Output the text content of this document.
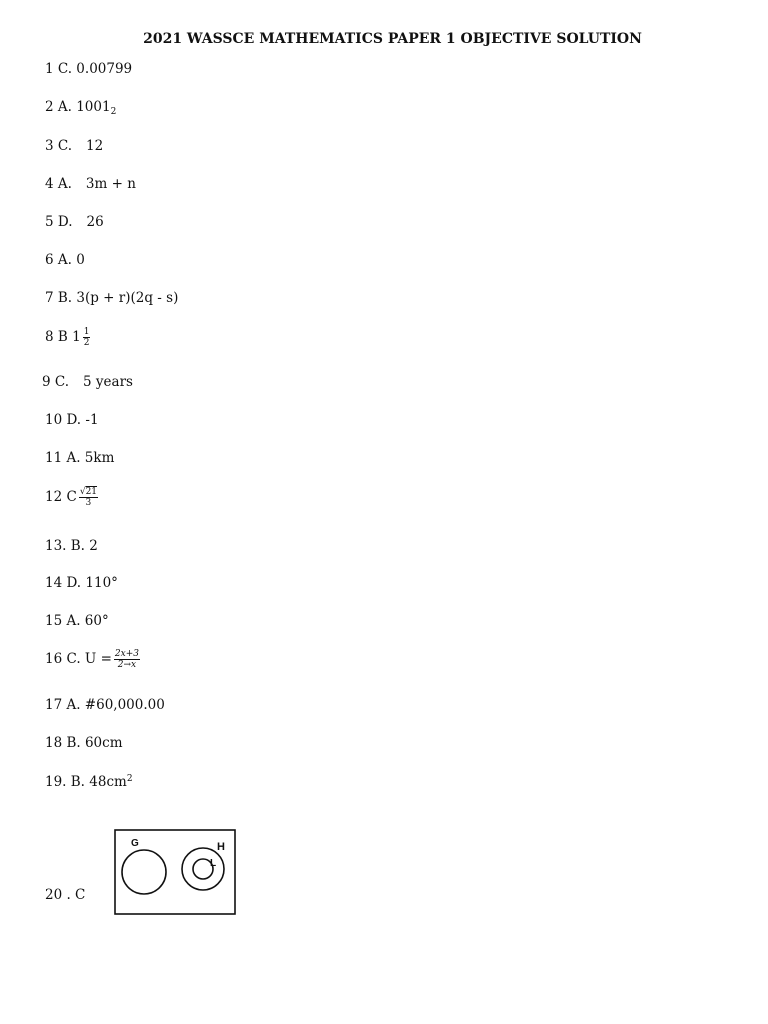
2021 WASSCE MATHEMATICS PAPER 1 OBJECTIVE SOLUTION
1 C. 0.00799
2 A. $1001_2$
3 C. 12
4 A. 3m + n
5 D. 26
6 A. 0
7 B. 3(p + r)(2q - s)
8 B $1 \frac{1}{2}$
9 C. 5 years
10 D. -1
11 A. 5km
12 C $\frac{√21}{3}$
13. B. 2
14 D. 110°
15 A. 60°
16 C. $U = \frac{2x+3}{2\to x}$
17 A. #60,000.00
18 B. 60cm
19. B. $48cm^2$
20 . C
G	H
L
